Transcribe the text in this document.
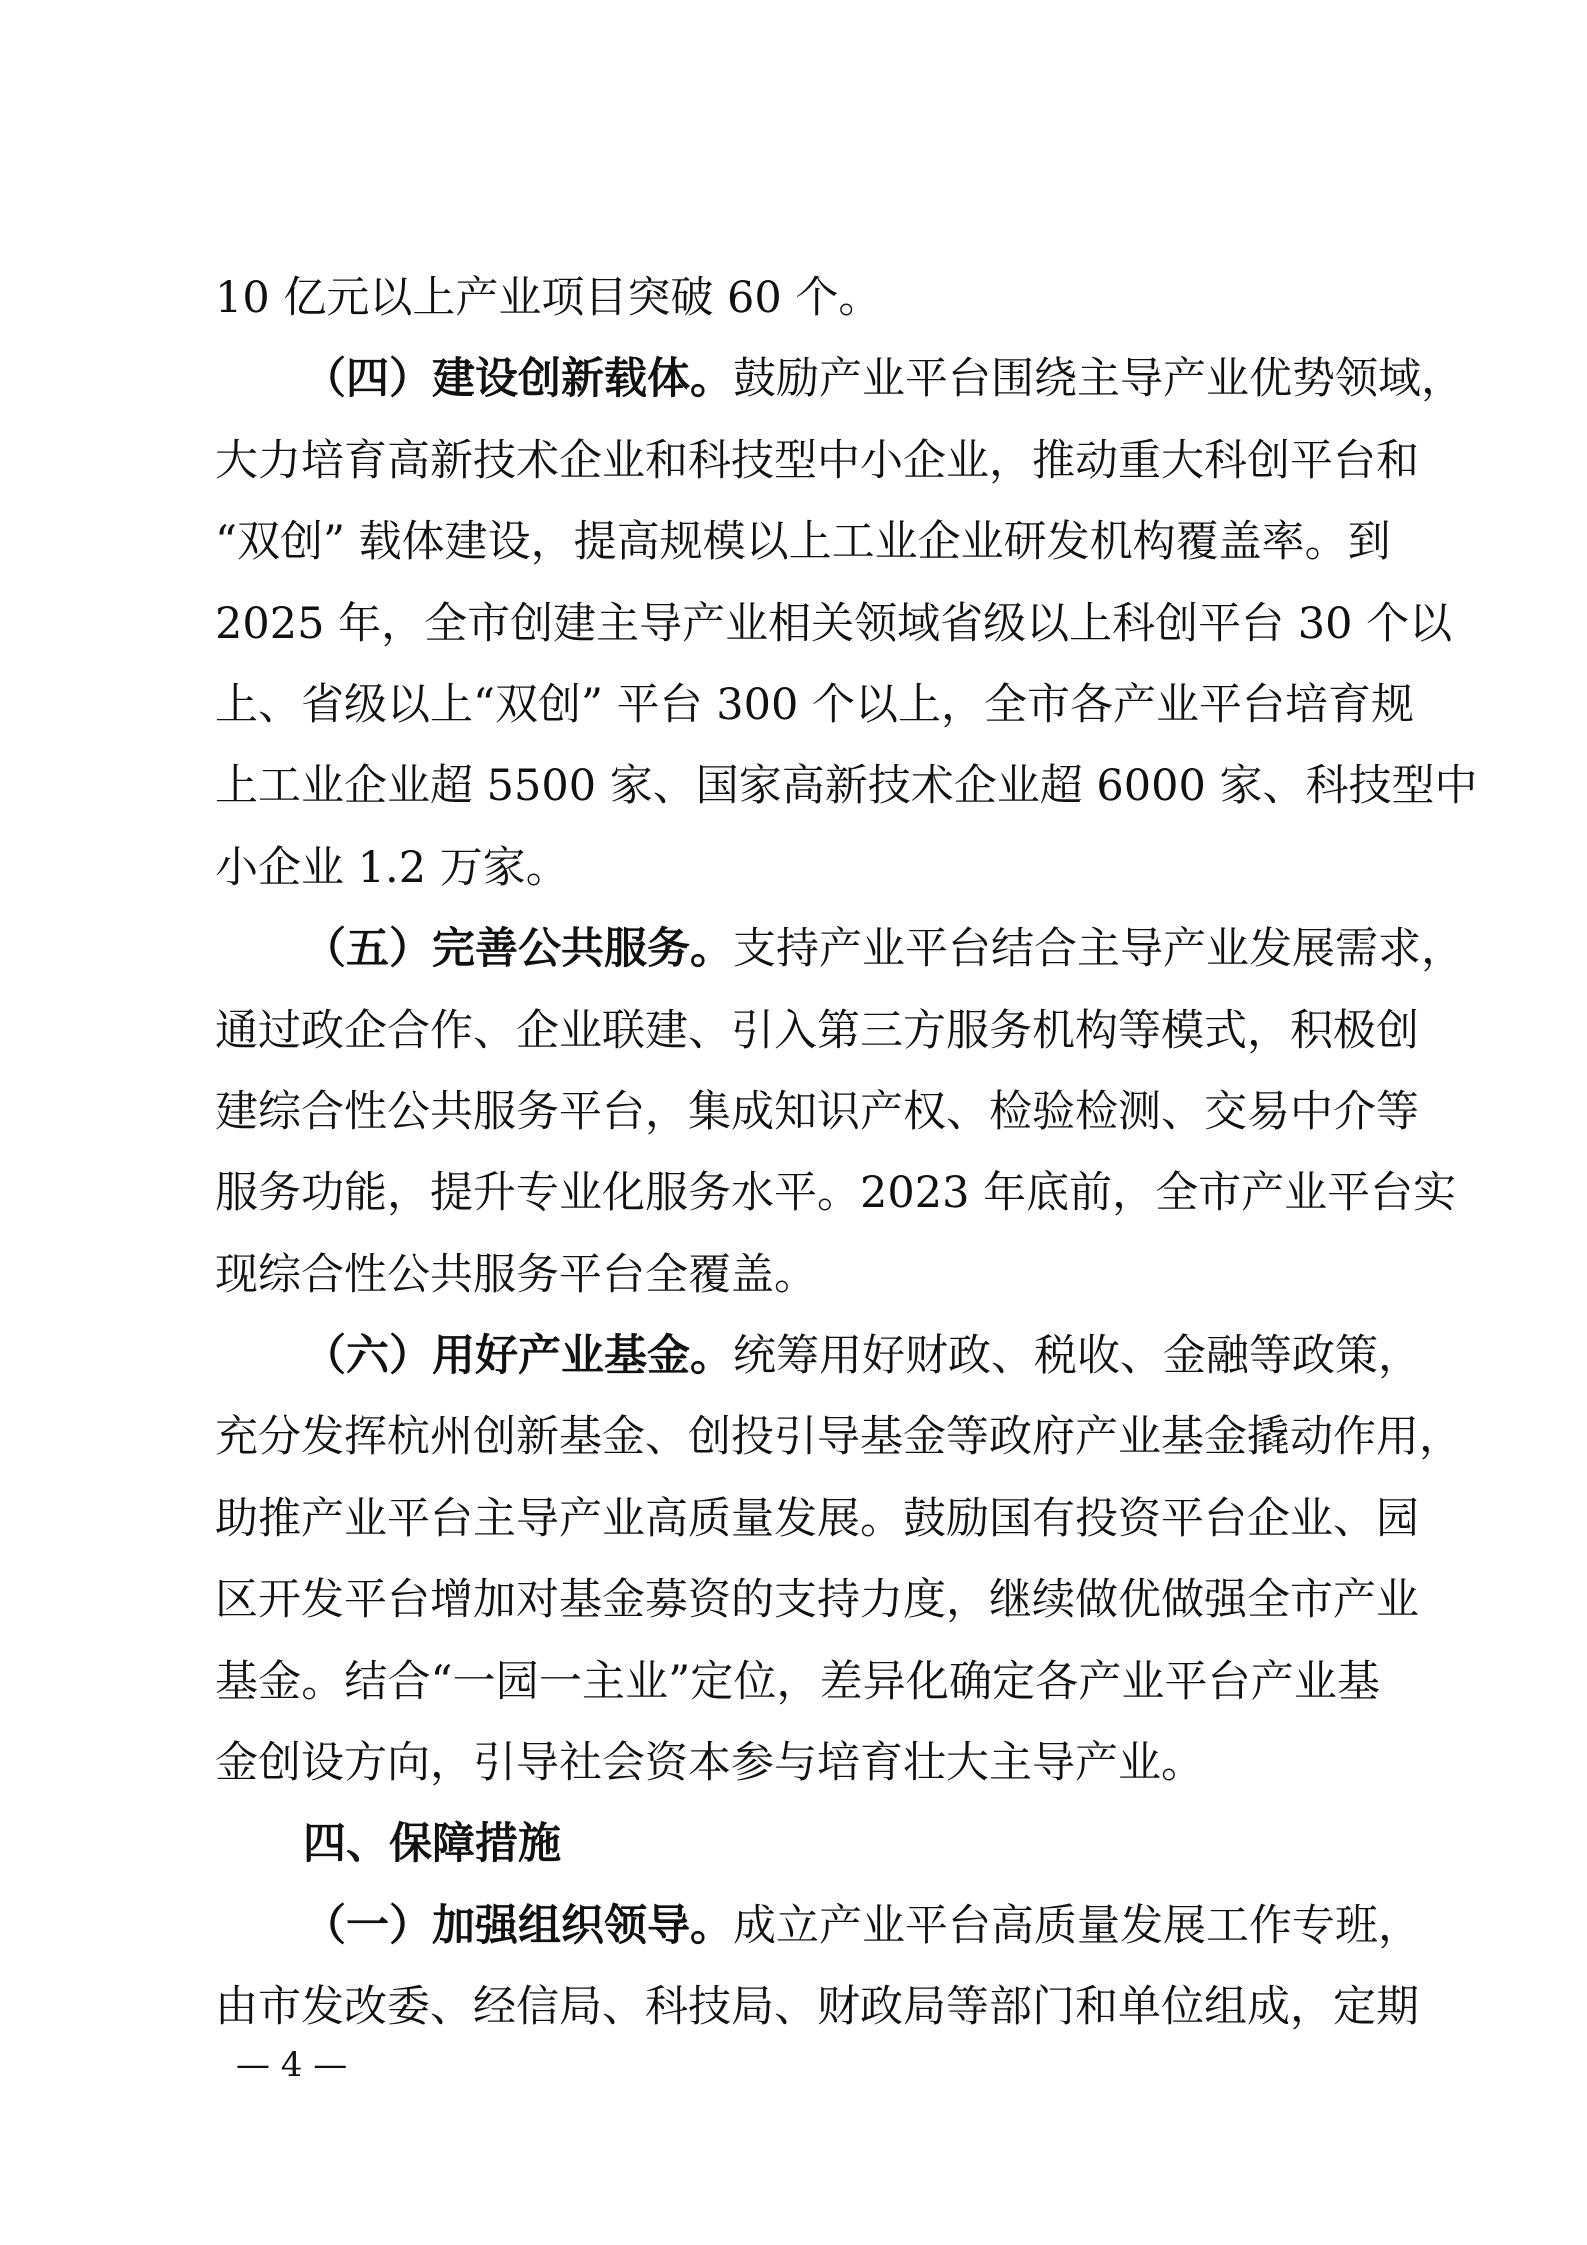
10 亿元以上产业项目突破 60 个。
（四）建设创新载体。鼓励产业平台围绕主导产业优势领域，
大力培育高新技术企业和科技型中小企业，推动重大科创平台和
“双创” 载体建设，提高规模以上工业企业研发机构覆盖率。到
2025 年，全市创建主导产业相关领域省级以上科创平台 30 个以
上、省级以上“双创” 平台 300 个以上，全市各产业平台培育规
上工业企业超 5500 家、国家高新技术企业超 6000 家、科技型中
小企业 1.2 万家。
（五）完善公共服务。支持产业平台结合主导产业发展需求，
通过政企合作、企业联建、引入第三方服务机构等模式，积极创
建综合性公共服务平台，集成知识产权、检验检测、交易中介等
服务功能，提升专业化服务水平。2023 年底前，全市产业平台实
现综合性公共服务平台全覆盖。
（六）用好产业基金。统筹用好财政、税收、金融等政策，
充分发挥杭州创新基金、创投引导基金等政府产业基金撬动作用，
助推产业平台主导产业高质量发展。鼓励国有投资平台企业、园
区开发平台增加对基金募资的支持力度，继续做优做强全市产业
基金。结合“一园一主业”定位，差异化确定各产业平台产业基
金创设方向，引导社会资本参与培育壮大主导产业。
四、保障措施
（一）加强组织领导。成立产业平台高质量发展工作专班，
由市发改委、经信局、科技局、财政局等部门和单位组成，定期
— 4 —
